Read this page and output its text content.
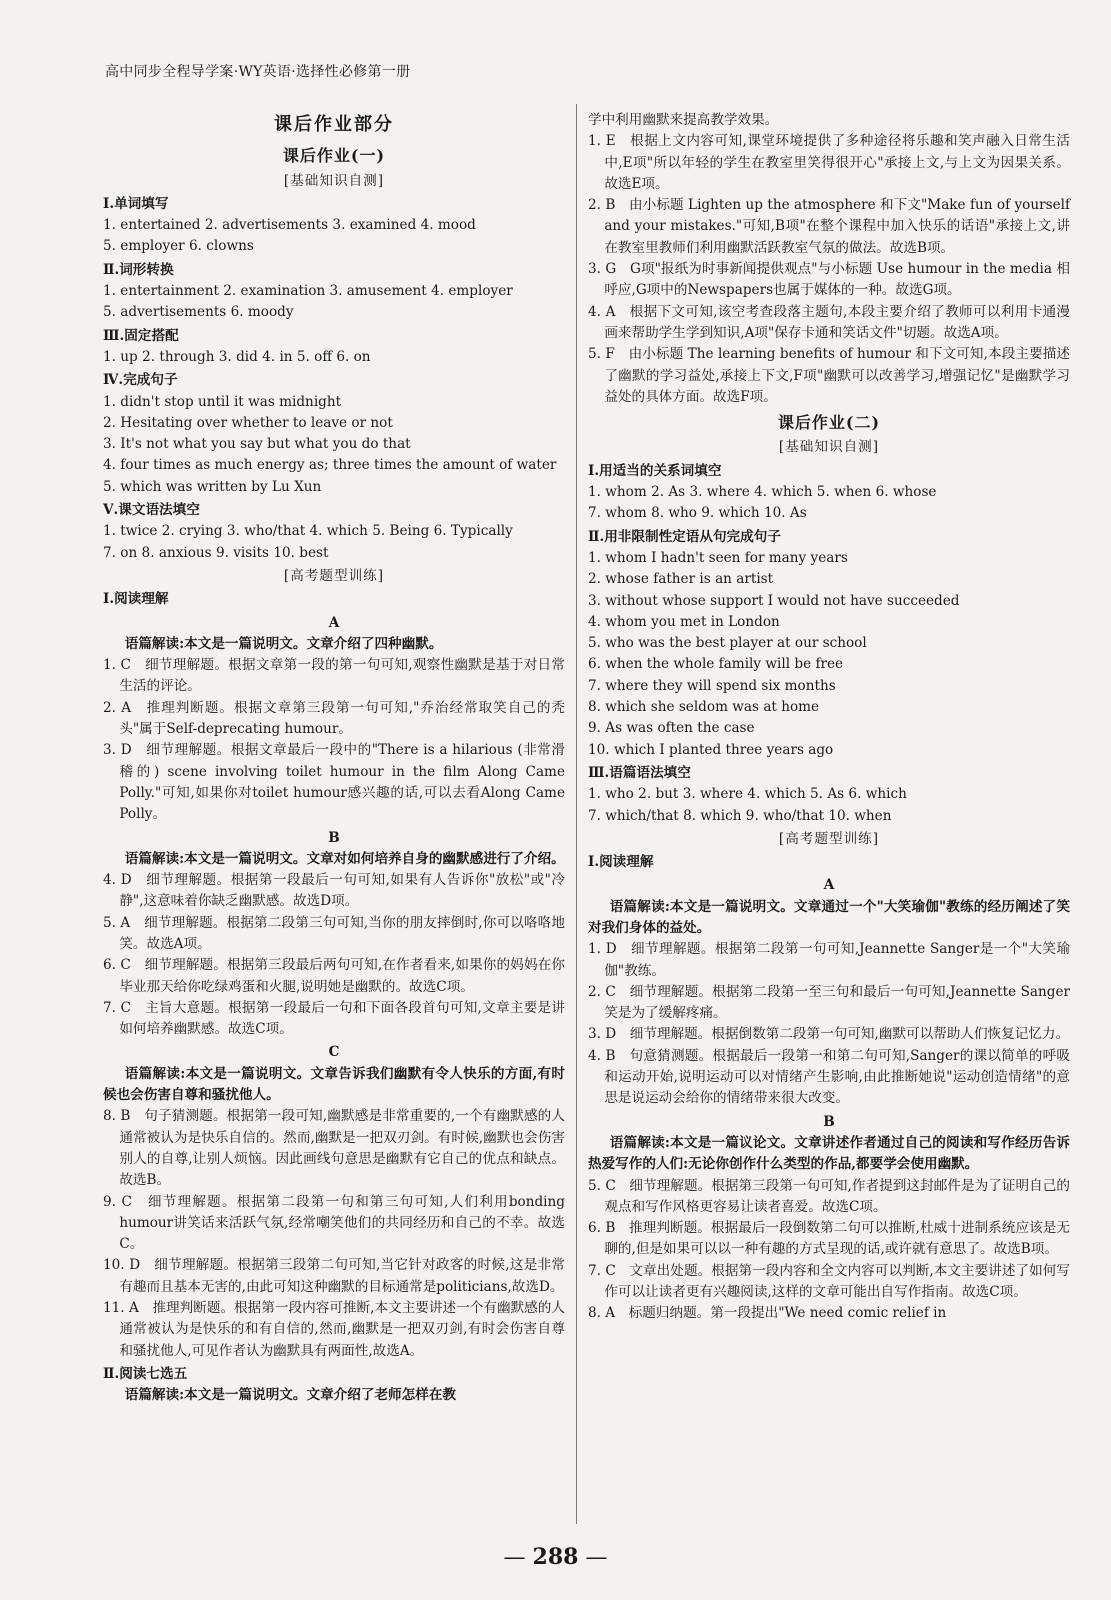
高中同步全程导学案·WY英语·选择性必修第一册
课后作业部分
课后作业(一)
[基础知识自测]
Ⅰ.单词填写
1. entertained 2. advertisements 3. examined 4. mood
5. employer 6. clowns
Ⅱ.词形转换
1. entertainment 2. examination 3. amusement 4. employer
5. advertisements 6. moody
Ⅲ.固定搭配
1. up 2. through 3. did 4. in 5. off 6. on
Ⅳ.完成句子
1. didn't stop until it was midnight
2. Hesitating over whether to leave or not
3. It's not what you say but what you do that
4. four times as much energy as; three times the amount of water
5. which was written by Lu Xun
Ⅴ.课文语法填空
1. twice 2. crying 3. who/that 4. which 5. Being 6. Typically
7. on 8. anxious 9. visits 10. best
[高考题型训练]
Ⅰ.阅读理解
A
语篇解读:本文是一篇说明文。文章介绍了四种幽默。
1. C　细节理解题。根据文章第一段的第一句可知,观察性幽默是基于对日常生活的评论。
2. A　推理判断题。根据文章第三段第一句可知,"乔治经常取笑自己的秃头"属于Self-deprecating humour。
3. D　细节理解题。根据文章最后一段中的"There is a hilarious (非常滑稽的) scene involving toilet humour in the film Along Came Polly."可知,如果你对toilet humour感兴趣的话,可以去看Along Came Polly。
B
语篇解读:本文是一篇说明文。文章对如何培养自身的幽默感进行了介绍。
4. D　细节理解题。根据第一段最后一句可知,如果有人告诉你"放松"或"冷静",这意味着你缺乏幽默感。故选D项。
5. A　细节理解题。根据第二段第三句可知,当你的朋友摔倒时,你可以咯咯地笑。故选A项。
6. C　细节理解题。根据第三段最后两句可知,在作者看来,如果你的妈妈在你毕业那天给你吃绿鸡蛋和火腿,说明她是幽默的。故选C项。
7. C　主旨大意题。根据第一段最后一句和下面各段首句可知,文章主要是讲如何培养幽默感。故选C项。
C
语篇解读:本文是一篇说明文。文章告诉我们幽默有令人快乐的方面,有时候也会伤害自尊和骚扰他人。
8. B　句子猜测题。根据第一段可知,幽默感是非常重要的,一个有幽默感的人通常被认为是快乐自信的。然而,幽默是一把双刃剑。有时候,幽默也会伤害别人的自尊,让别人烦恼。因此画线句意思是幽默有它自己的优点和缺点。故选B。
9. C　细节理解题。根据第二段第一句和第三句可知,人们利用bonding humour讲笑话来活跃气氛,经常嘲笑他们的共同经历和自己的不幸。故选C。
10. D　细节理解题。根据第三段第二句可知,当它针对政客的时候,这是非常有趣而且基本无害的,由此可知这种幽默的目标通常是politicians,故选D。
11. A　推理判断题。根据第一段内容可推断,本文主要讲述一个有幽默感的人通常被认为是快乐的和有自信的,然而,幽默是一把双刃剑,有时会伤害自尊和骚扰他人,可见作者认为幽默具有两面性,故选A。
Ⅱ.阅读七选五
语篇解读:本文是一篇说明文。文章介绍了老师怎样在教
学中利用幽默来提高教学效果。
1. E　根据上文内容可知,课堂环境提供了多种途径将乐趣和笑声融入日常生活中,E项"所以年轻的学生在教室里笑得很开心"承接上文,与上文为因果关系。故选E项。
2. B　由小标题 Lighten up the atmosphere 和下文"Make fun of yourself and your mistakes."可知,B项"在整个课程中加入快乐的话语"承接上文,讲在教室里教师们利用幽默活跃教室气氛的做法。故选B项。
3. G　G项"报纸为时事新闻提供观点"与小标题 Use humour in the media 相呼应,G项中的Newspapers也属于媒体的一种。故选G项。
4. A　根据下文可知,该空考查段落主题句,本段主要介绍了教师可以利用卡通漫画来帮助学生学到知识,A项"保存卡通和笑话文件"切题。故选A项。
5. F　由小标题 The learning benefits of humour 和下文可知,本段主要描述了幽默的学习益处,承接上下文,F项"幽默可以改善学习,增强记忆"是幽默学习益处的具体方面。故选F项。
课后作业(二)
[基础知识自测]
Ⅰ.用适当的关系词填空
1. whom 2. As 3. where 4. which 5. when 6. whose
7. whom 8. who 9. which 10. As
Ⅱ.用非限制性定语从句完成句子
1. whom I hadn't seen for many years
2. whose father is an artist
3. without whose support I would not have succeeded
4. whom you met in London
5. who was the best player at our school
6. when the whole family will be free
7. where they will spend six months
8. which she seldom was at home
9. As was often the case
10. which I planted three years ago
Ⅲ.语篇语法填空
1. who 2. but 3. where 4. which 5. As 6. which
7. which/that 8. which 9. who/that 10. when
[高考题型训练]
Ⅰ.阅读理解
A
语篇解读:本文是一篇说明文。文章通过一个"大笑瑜伽"教练的经历阐述了笑对我们身体的益处。
1. D　细节理解题。根据第二段第一句可知,Jeannette Sanger是一个"大笑瑜伽"教练。
2. C　细节理解题。根据第二段第一至三句和最后一句可知,Jeannette Sanger笑是为了缓解疼痛。
3. D　细节理解题。根据倒数第二段第一句可知,幽默可以帮助人们恢复记忆力。
4. B　句意猜测题。根据最后一段第一和第二句可知,Sanger的课以简单的呼吸和运动开始,说明运动可以对情绪产生影响,由此推断她说"运动创造情绪"的意思是说运动会给你的情绪带来很大改变。
B
语篇解读:本文是一篇议论文。文章讲述作者通过自己的阅读和写作经历告诉热爱写作的人们:无论你创作什么类型的作品,都要学会使用幽默。
5. C　细节理解题。根据第三段第一句可知,作者提到这封邮件是为了证明自己的观点和写作风格更容易让读者喜爱。故选C项。
6. B　推理判断题。根据最后一段倒数第二句可以推断,杜威十进制系统应该是无聊的,但是如果可以以一种有趣的方式呈现的话,或许就有意思了。故选B项。
7. C　文章出处题。根据第一段内容和全文内容可以判断,本文主要讲述了如何写作可以让读者更有兴趣阅读,这样的文章可能出自写作指南。故选C项。
8. A　标题归纳题。第一段提出"We need comic relief in
— 288 —
